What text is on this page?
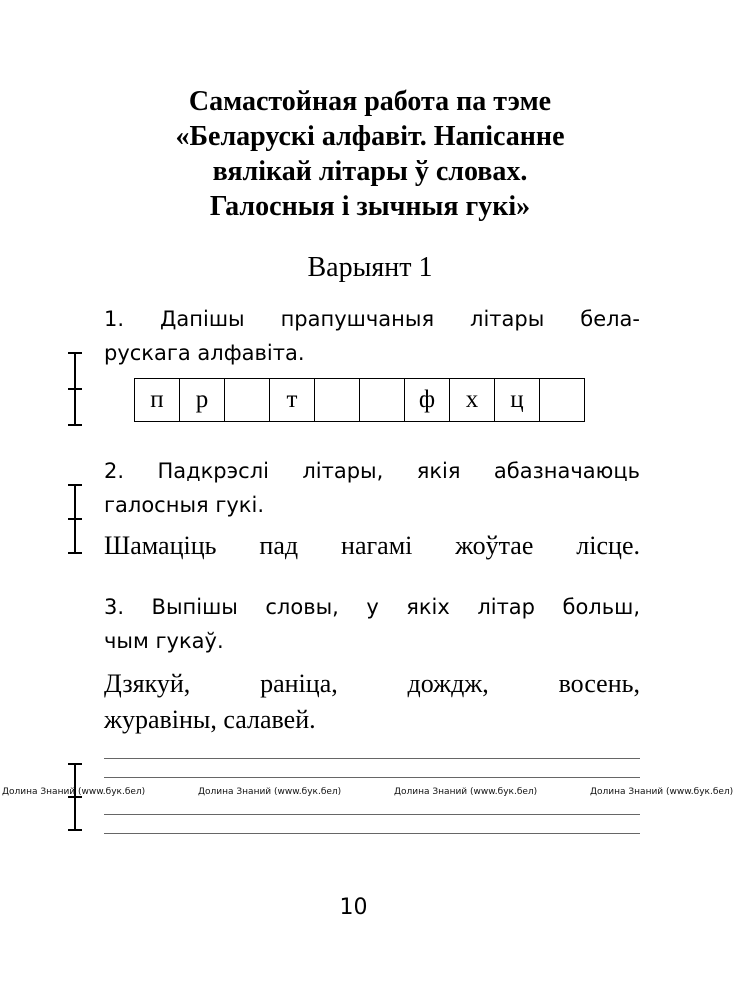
Самастойная работа па тэме
«Беларускі алфавіт. Напісанне
вялікай літары ў словах.
Галосныя і зычныя гукі»
Варыянт 1
1. Дапішы прапушчаныя літары бела-
рускага алфавіта.
п	р		т			ф	х	ц	
2. Падкрэслі літары, якія абазначаюць
галосныя гукі.
Шамаціць пад нагамі жоўтае лісце.
3. Выпішы словы, у якіх літар больш,
чым гукаў.
Дзякуй, раніца, дождж, восень,
журавіны, салавей.
Долина Знаний (www.бук.бел)	Долина Знаний (www.бук.бел)	Долина Знаний (www.бук.бел)	Долина Знаний (www.бук.бел)
10
